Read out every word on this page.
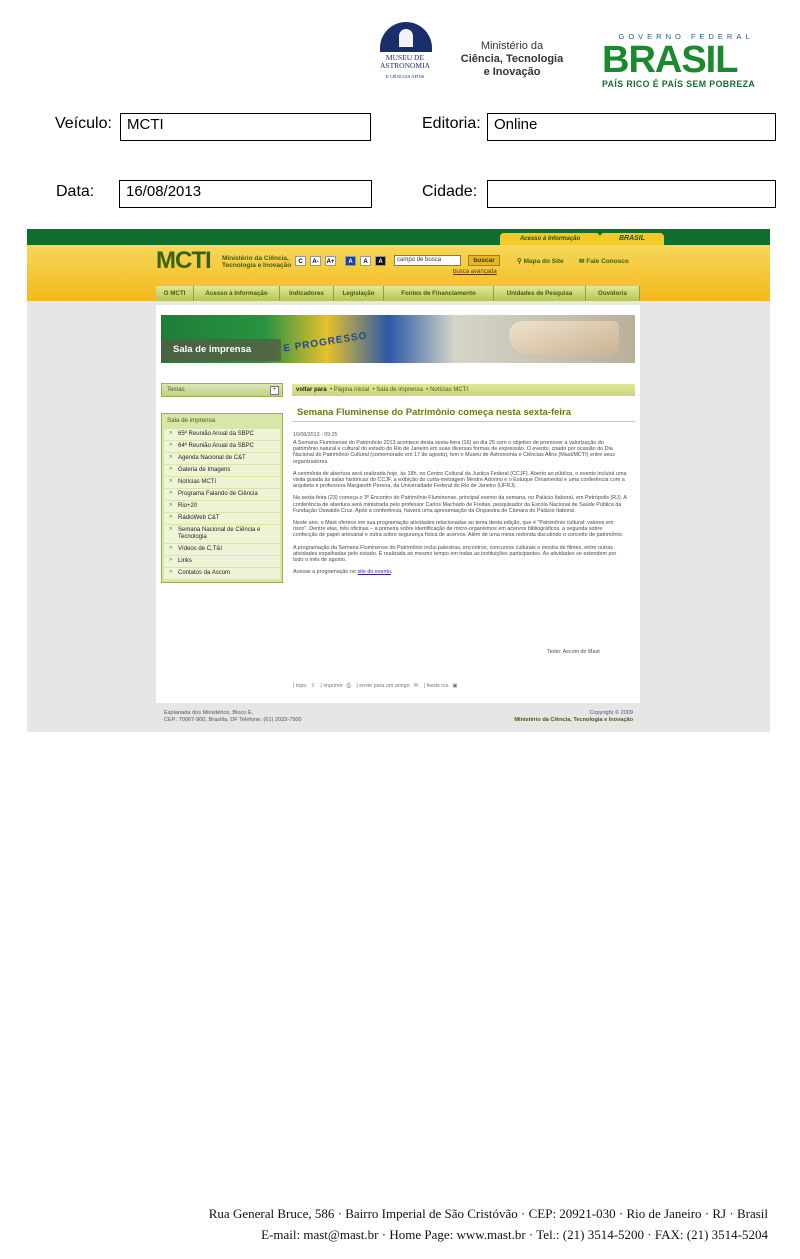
MUSEU DE
ASTRONOMIA
E CIÊNCIAS AFINS
Ministério da
Ciência, Tecnologia
e Inovação
GOVERNO FEDERAL
BRASIL
PAÍS RICO É PAÍS SEM POBREZA
Veículo:	MCTI	Editoria: Online
Data:	16/08/2013	Cidade:
Acesso à Informação	BRASIL
MCTI Ministério da Ciência,
Tecnologia e Inovação	C	A-	A+	A	A	A	campo de busca	buscar
busca avançada
⚲ Mapa do Site ✉ Fale Conosco
O MCTI	Acesso à Informação	Indicadores	Legislação	Fontes de Financiamento	Unidades de Pesquisa	Ouvidoria
E PROGRESSO
Sala de imprensa
Temas	+
Sala de imprensa
» 65ª Reunião Anual da SBPC
» 64ª Reunião Anual da SBPC
» Agenda Nacional de C&T
» Galeria de Imagens
» Notícias MCTI
» Programa Falando de Ciência
» Rio+20
» RádioWeb C&T
» Semana Nacional de Ciência e Tecnologia
» Vídeos de C,T&I
» Links
» Contatos da Ascom
voltar para  • Página inicial  • Sala de imprensa  • Notícias MCTI
Semana Fluminense do Patrimônio começa nesta sexta-feira
16/08/2013 - 09:25

A Semana Fluminense do Patrimônio 2013 acontece desta sexta-feira (16) ao dia 25 com o objetivo de promover a valorização do patrimônio natural e cultural do estado do Rio de Janeiro em suas diversas formas de expressão. O evento, criado por ocasião do Dia Nacional do Patrimônio Cultural (comemorado em 17 de agosto), tem o Museu de Astronomia e Ciências Afins (Mast/MCTI) entre seus organizadores.

A cerimônia de abertura será realizada hoje, às 18h, no Centro Cultural da Justiça Federal (CCJF). Aberto ao público, o evento incluirá uma visita guiada às salas históricas do CCJF, a exibição do curta-metragem Mestre Adorino e o Estuque Ornamental e uma conferência com a arquiteta e professora Margareth Pereira, da Universidade Federal do Rio de Janeiro (UFRJ).

Na sexta-feira (23) começa o 3º Encontro do Patrimônio Fluminense, principal evento da semana, no Palácio Itaboraí, em Petrópolis (RJ). A conferência de abertura será ministrada pelo professor Carlos Machado de Freitas, pesquisador da Escola Nacional de Saúde Pública da Fundação Oswaldo Cruz. Após a conferência, haverá uma apresentação da Orquestra de Câmara do Palácio Itaboraí.

Neste ano, o Mast oferece em sua programação atividades relacionadas ao tema desta edição, que é "Patrimônio cultural: valores em risco". Dentre elas, três oficinas – a primeira sobre identificação de micro-organismos em acervos bibliográficos, a segunda sobre confecção de papel artesanal e outra sobre segurança física de acervos. Além de uma mesa redonda discutindo o conceito de patrimônio.

A programação da Semana Fluminense do Patrimônio inclui palestras, encontros, concursos culturais e mostra de filmes, entre outras atividades espalhadas pelo estado. É realizada ao mesmo tempo em todas as instituições participantes. As atividades se estendem por todo o mês de agosto.

Acesse a programação no site do evento.

Texto: Ascom do Mast
| topo ⇧ | imprimir ⎙ | envie para um amigo ✉ | feeds rss ▣
Esplanada dos Ministérios, Bloco E,
CEP: 70067-900, Brasília, DF Telefone: (61) 2033-7500
Copyright © 2009
Ministério da Ciência, Tecnologia e Inovação
Rua General Bruce, 586 · Bairro Imperial de São Cristóvão · CEP: 20921-030 · Rio de Janeiro · RJ · Brasil
E-mail: mast@mast.br · Home Page: www.mast.br · Tel.: (21) 3514-5200 · FAX: (21) 3514-5204
